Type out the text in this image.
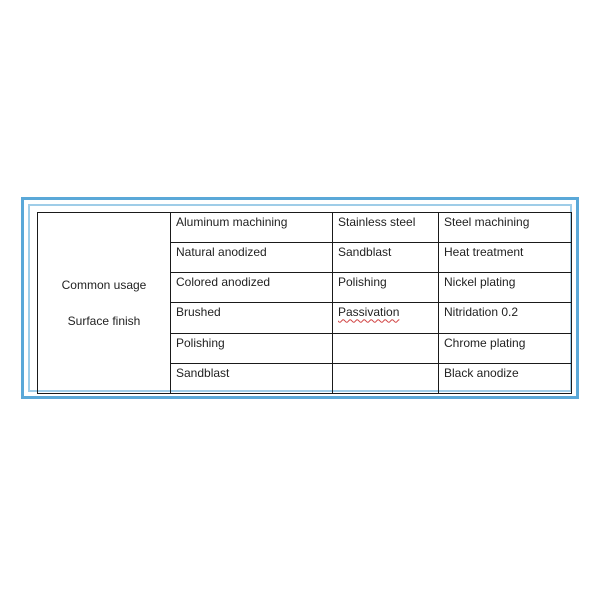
Common usage
Surface finish	Aluminum machining	Stainless steel	Steel machining
	Natural anodized	Sandblast	Heat treatment
	Colored anodized	Polishing	Nickel plating
	Brushed	Passivation	Nitridation 0.2
	Polishing		Chrome plating
	Sandblast		Black anodize
